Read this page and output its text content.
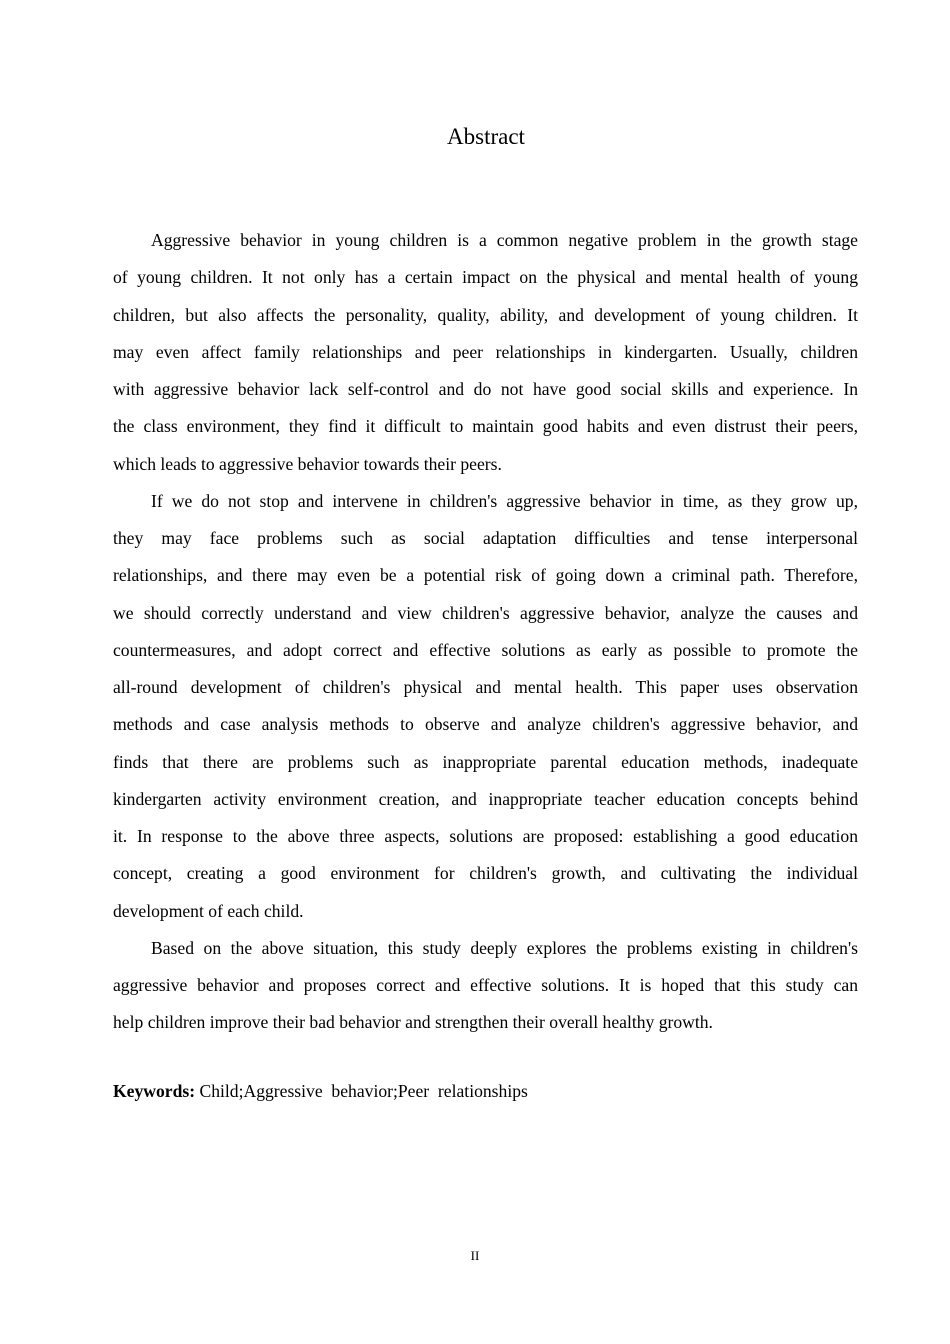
Abstract
Aggressive behavior in young children is a common negative problem in the growth stage
of young children. It not only has a certain impact on the physical and mental health of young
children, but also affects the personality, quality, ability, and development of young children. It
may even affect family relationships and peer relationships in kindergarten. Usually, children
with aggressive behavior lack self-control and do not have good social skills and experience. In
the class environment, they find it difficult to maintain good habits and even distrust their peers,
which leads to aggressive behavior towards their peers.
If we do not stop and intervene in children's aggressive behavior in time, as they grow up,
they may face problems such as social adaptation difficulties and tense interpersonal
relationships, and there may even be a potential risk of going down a criminal path. Therefore,
we should correctly understand and view children's aggressive behavior, analyze the causes and
countermeasures, and adopt correct and effective solutions as early as possible to promote the
all-round development of children's physical and mental health. This paper uses observation
methods and case analysis methods to observe and analyze children's aggressive behavior, and
finds that there are problems such as inappropriate parental education methods, inadequate
kindergarten activity environment creation, and inappropriate teacher education concepts behind
it. In response to the above three aspects, solutions are proposed: establishing a good education
concept, creating a good environment for children's growth, and cultivating the individual
development of each child.
Based on the above situation, this study deeply explores the problems existing in children's
aggressive behavior and proposes correct and effective solutions. It is hoped that this study can
help children improve their bad behavior and strengthen their overall healthy growth.
Keywords: Child;Aggressive  behavior;Peer  relationships
II
